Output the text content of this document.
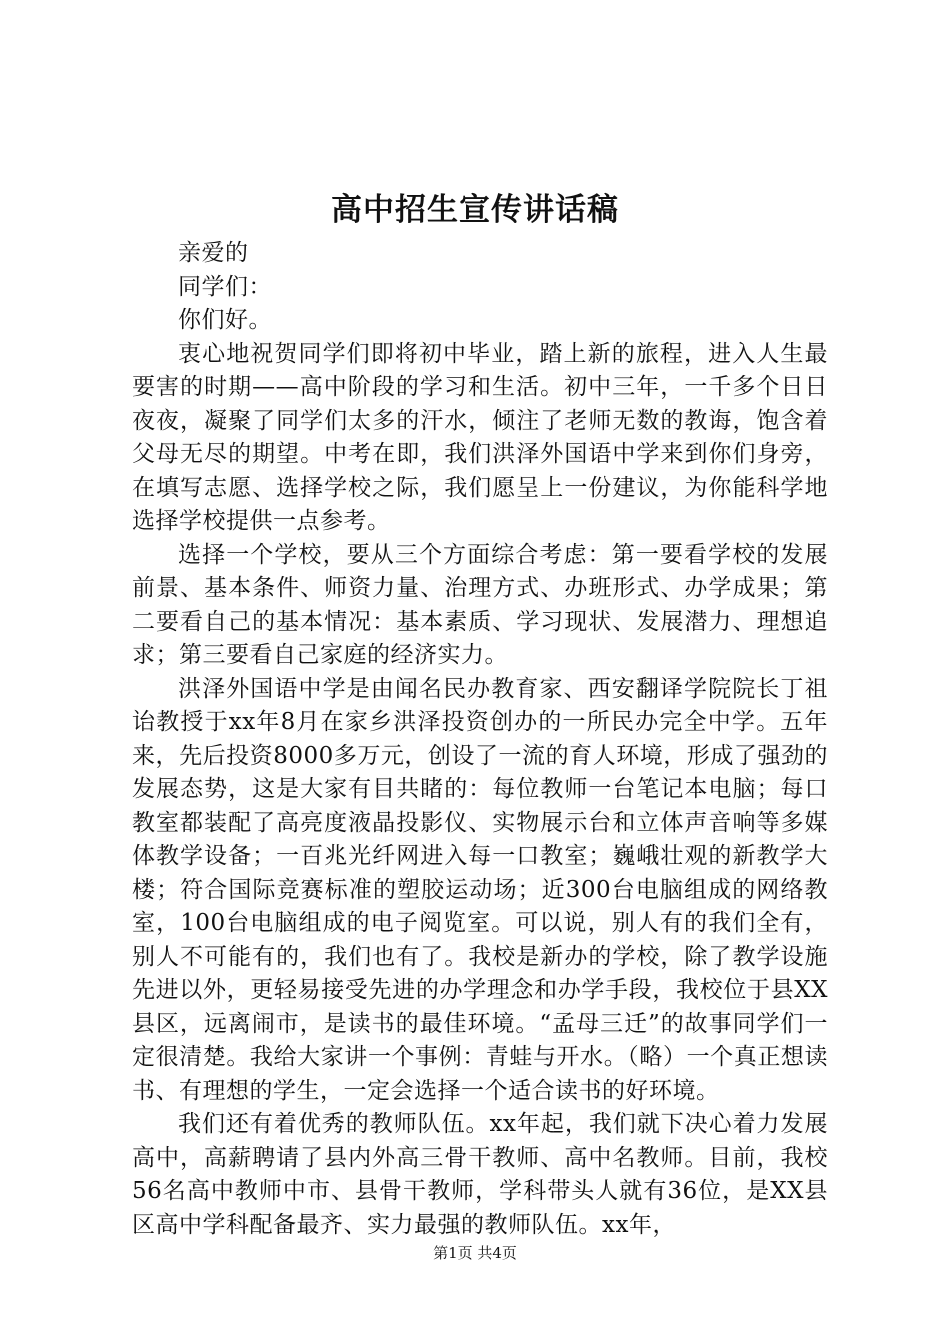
高中招生宣传讲话稿

亲爱的

同学们：

你们好。

衷心地祝贺同学们即将初中毕业，踏上新的旅程，进入人生最要害的时期——高中阶段的学习和生活。初中三年，一千多个日日夜夜，凝聚了同学们太多的汗水，倾注了老师无数的教诲，饱含着父母无尽的期望。中考在即，我们洪泽外国语中学来到你们身旁，在填写志愿、选择学校之际，我们愿呈上一份建议，为你能科学地选择学校提供一点参考。

选择一个学校，要从三个方面综合考虑：第一要看学校的发展前景、基本条件、师资力量、治理方式、办班形式、办学成果；第二要看自己的基本情况：基本素质、学习现状、发展潜力、理想追求；第三要看自己家庭的经济实力。

洪泽外国语中学是由闻名民办教育家、西安翻译学院院长丁祖诒教授于xx年8月在家乡洪泽投资创办的一所民办完全中学。五年来，先后投资8000多万元，创设了一流的育人环境，形成了强劲的发展态势，这是大家有目共睹的：每位教师一台笔记本电脑；每口教室都装配了高亮度液晶投影仪、实物展示台和立体声音响等多媒体教学设备；一百兆光纤网进入每一口教室；巍峨壮观的新教学大楼；符合国际竞赛标准的塑胶运动场；近300台电脑组成的网络教室，100台电脑组成的电子阅览室。可以说，别人有的我们全有，别人不可能有的，我们也有了。我校是新办的学校，除了教学设施先进以外，更轻易接受先进的办学理念和办学手段，我校位于县XX县区，远离闹市，是读书的最佳环境。“孟母三迁”的故事同学们一定很清楚。我给大家讲一个事例：青蛙与开水。（略）一个真正想读书、有理想的学生，一定会选择一个适合读书的好环境。

我们还有着优秀的教师队伍。xx年起，我们就下决心着力发展高中，高薪聘请了县内外高三骨干教师、高中名教师。目前，我校56名高中教师中市、县骨干教师，学科带头人就有36位，是XX县区高中学科配备最齐、实力最强的教师队伍。xx年，

第1页 共4页
